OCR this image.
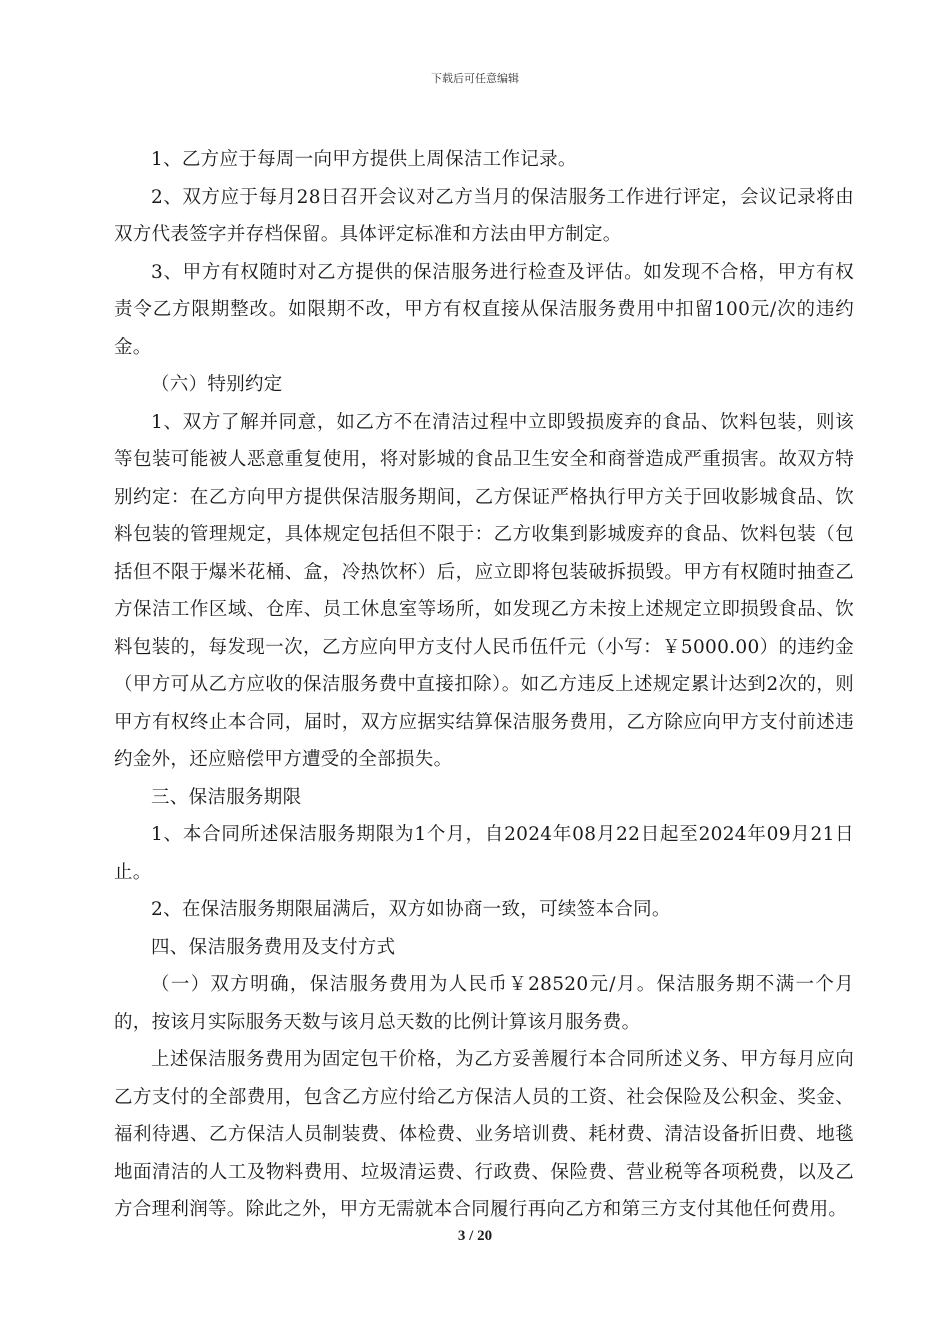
下载后可任意编辑

1、乙方应于每周一向甲方提供上周保洁工作记录。

2、双方应于每月28日召开会议对乙方当月的保洁服务工作进行评定，会议记录将由双方代表签字并存档保留。具体评定标准和方法由甲方制定。

3、甲方有权随时对乙方提供的保洁服务进行检查及评估。如发现不合格，甲方有权责令乙方限期整改。如限期不改，甲方有权直接从保洁服务费用中扣留100元/次的违约金。

（六）特别约定

1、双方了解并同意，如乙方不在清洁过程中立即毁损废弃的食品、饮料包装，则该等包装可能被人恶意重复使用，将对影城的食品卫生安全和商誉造成严重损害。故双方特别约定：在乙方向甲方提供保洁服务期间，乙方保证严格执行甲方关于回收影城食品、饮料包装的管理规定，具体规定包括但不限于：乙方收集到影城废弃的食品、饮料包装（包括但不限于爆米花桶、盒，冷热饮杯）后，应立即将包装破拆损毁。甲方有权随时抽查乙方保洁工作区域、仓库、员工休息室等场所，如发现乙方未按上述规定立即损毁食品、饮料包装的，每发现一次，乙方应向甲方支付人民币伍仟元（小写：￥5000.00）的违约金（甲方可从乙方应收的保洁服务费中直接扣除）。如乙方违反上述规定累计达到2次的，则甲方有权终止本合同，届时，双方应据实结算保洁服务费用，乙方除应向甲方支付前述违约金外，还应赔偿甲方遭受的全部损失。

三、保洁服务期限

1、本合同所述保洁服务期限为1个月，自2024年08月22日起至2024年09月21日止。

2、在保洁服务期限届满后，双方如协商一致，可续签本合同。

四、保洁服务费用及支付方式

（一）双方明确，保洁服务费用为人民币￥28520元/月。保洁服务期不满一个月的，按该月实际服务天数与该月总天数的比例计算该月服务费。

上述保洁服务费用为固定包干价格，为乙方妥善履行本合同所述义务、甲方每月应向乙方支付的全部费用，包含乙方应付给乙方保洁人员的工资、社会保险及公积金、奖金、福利待遇、乙方保洁人员制装费、体检费、业务培训费、耗材费、清洁设备折旧费、地毯地面清洁的人工及物料费用、垃圾清运费、行政费、保险费、营业税等各项税费，以及乙方合理利润等。除此之外，甲方无需就本合同履行再向乙方和第三方支付其他任何费用。

3 / 20
